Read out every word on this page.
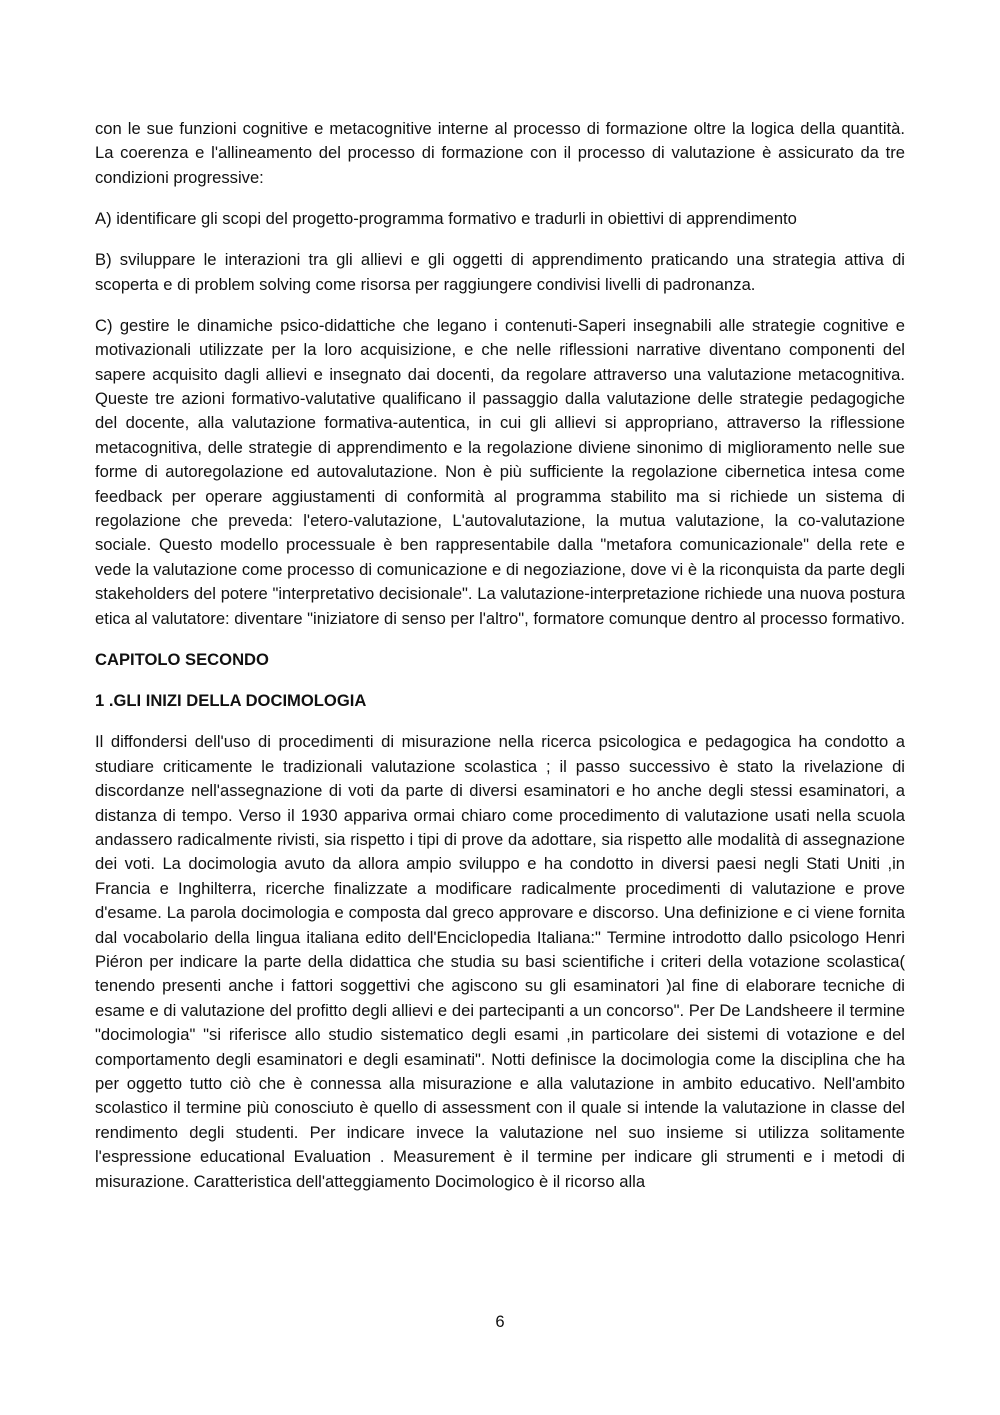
con le sue funzioni cognitive e metacognitive interne al processo di formazione oltre la logica della quantità. La coerenza e l'allineamento del processo di formazione con il processo di valutazione è assicurato da tre condizioni progressive:

A) identificare gli scopi del progetto-programma formativo e tradurli in obiettivi di apprendimento

B) sviluppare le interazioni tra gli allievi e gli oggetti di apprendimento praticando una strategia attiva di scoperta e di problem solving come risorsa per raggiungere condivisi livelli di padronanza.

C) gestire le dinamiche psico-didattiche che legano i contenuti-Saperi insegnabili alle strategie cognitive e motivazionali utilizzate per la loro acquisizione, e che nelle riflessioni narrative diventano componenti del sapere acquisito dagli allievi e insegnato dai docenti, da regolare attraverso una valutazione metacognitiva. Queste tre azioni formativo-valutative qualificano il passaggio dalla valutazione delle strategie pedagogiche del docente, alla valutazione formativa-autentica, in cui gli allievi si appropriano, attraverso la riflessione metacognitiva, delle strategie di apprendimento e la regolazione diviene sinonimo di miglioramento nelle sue forme di autoregolazione ed autovalutazione. Non è più sufficiente la regolazione cibernetica intesa come feedback per operare aggiustamenti di conformità al programma stabilito ma si richiede un sistema di regolazione che preveda: l'etero-valutazione, L'autovalutazione, la mutua valutazione, la co-valutazione sociale. Questo modello processuale è ben rappresentabile dalla "metafora comunicazionale" della rete e vede la valutazione come processo di comunicazione e di negoziazione, dove vi è la riconquista da parte degli stakeholders del potere "interpretativo decisionale". La valutazione-interpretazione richiede una nuova postura etica al valutatore: diventare "iniziatore di senso per l'altro", formatore comunque dentro al processo formativo.

CAPITOLO SECONDO
1 .GLI INIZI DELLA DOCIMOLOGIA

Il diffondersi dell'uso di procedimenti di misurazione nella ricerca psicologica e pedagogica ha condotto a studiare criticamente le tradizionali valutazione scolastica ; il passo successivo è stato la rivelazione di discordanze nell'assegnazione di voti da parte di diversi esaminatori e ho anche degli stessi esaminatori, a distanza di tempo. Verso il 1930 appariva ormai chiaro come procedimento di valutazione usati nella scuola andassero radicalmente rivisti, sia rispetto i tipi di prove da adottare, sia rispetto alle modalità di assegnazione dei voti. La docimologia avuto da allora ampio sviluppo e ha condotto in diversi paesi negli Stati Uniti ,in Francia e Inghilterra, ricerche finalizzate a modificare radicalmente procedimenti di valutazione e prove d'esame. La parola docimologia e composta dal greco approvare e discorso. Una definizione e ci viene fornita dal vocabolario della lingua italiana edito dell'Enciclopedia Italiana:" Termine introdotto dallo psicologo Henri Piéron per indicare la parte della didattica che studia su basi scientifiche i criteri della votazione scolastica( tenendo presenti anche i fattori soggettivi che agiscono su gli esaminatori )al fine di elaborare tecniche di esame e di valutazione del profitto degli allievi e dei partecipanti a un concorso". Per De Landsheere il termine "docimologia" "si riferisce allo studio sistematico degli esami ,in particolare dei sistemi di votazione e del comportamento degli esaminatori e degli esaminati". Notti definisce la docimologia come la disciplina che ha per oggetto tutto ciò che è connessa alla misurazione e alla valutazione in ambito educativo. Nell'ambito scolastico il termine più conosciuto è quello di assessment con il quale si intende la valutazione in classe del rendimento degli studenti. Per indicare invece la valutazione nel suo insieme si utilizza solitamente l'espressione educational Evaluation . Measurement è il termine per indicare gli strumenti e i metodi di misurazione. Caratteristica dell'atteggiamento Docimologico è il ricorso alla

6
